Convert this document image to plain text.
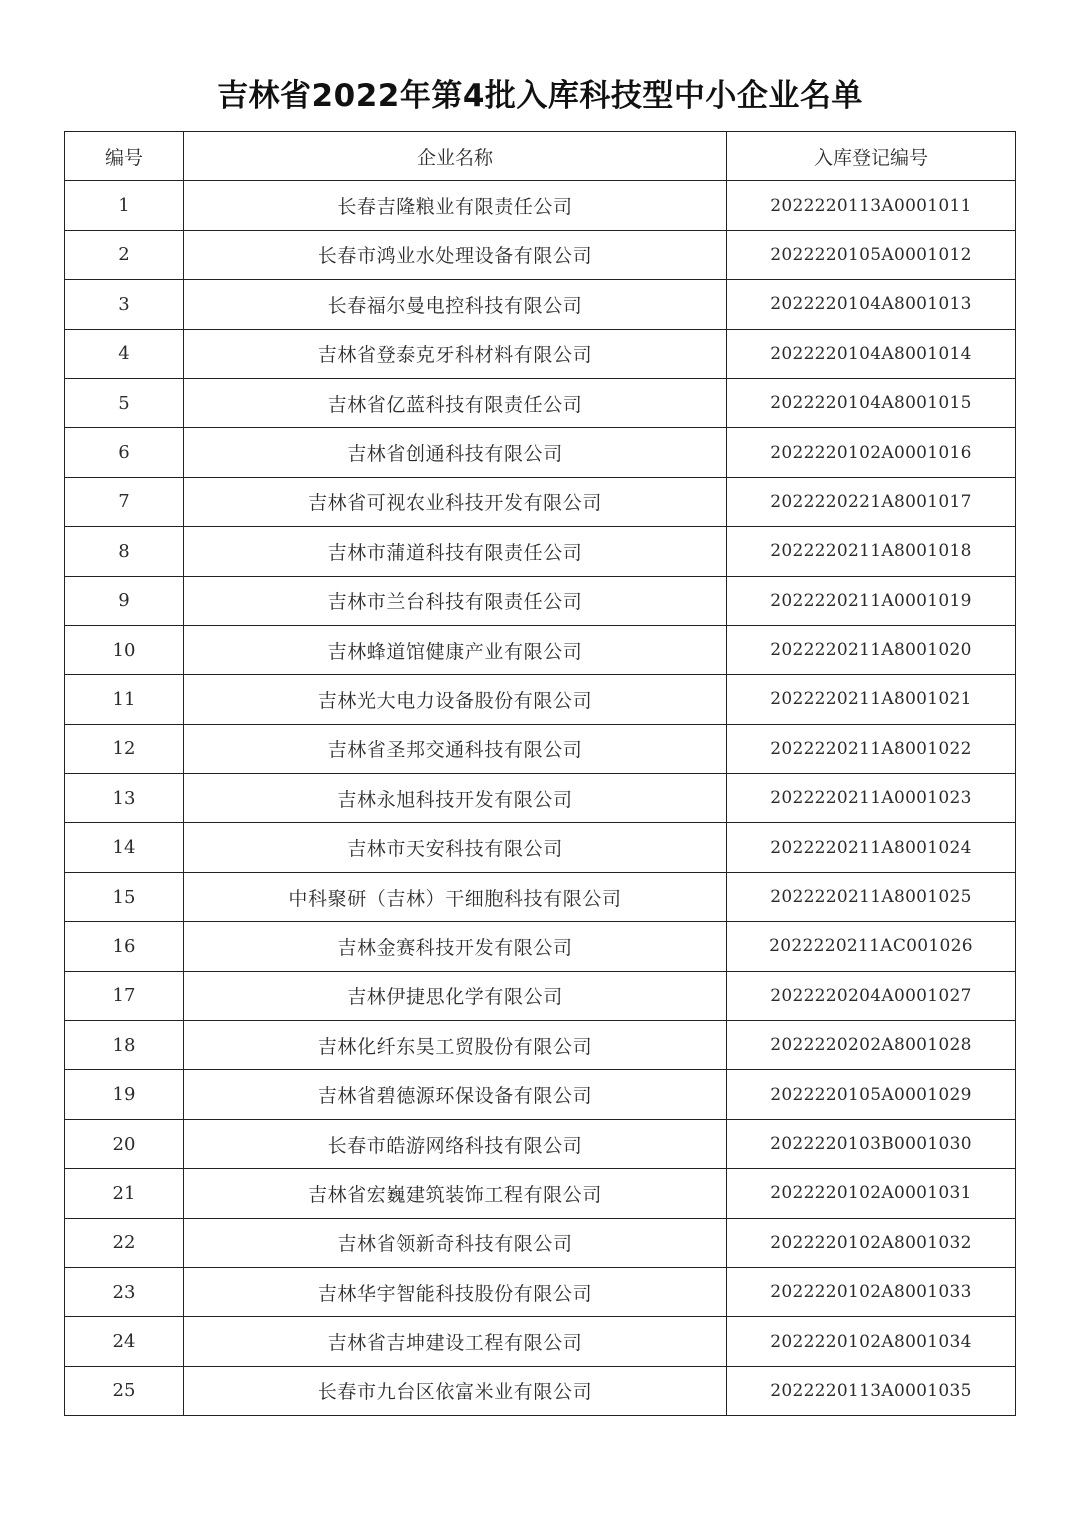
吉林省2022年第4批入库科技型中小企业名单
编号	企业名称	入库登记编号
1	长春吉隆粮业有限责任公司	2022220113A0001011
2	长春市鸿业水处理设备有限公司	2022220105A0001012
3	长春福尔曼电控科技有限公司	2022220104A8001013
4	吉林省登泰克牙科材料有限公司	2022220104A8001014
5	吉林省亿蓝科技有限责任公司	2022220104A8001015
6	吉林省创通科技有限公司	2022220102A0001016
7	吉林省可视农业科技开发有限公司	2022220221A8001017
8	吉林市蒲道科技有限责任公司	2022220211A8001018
9	吉林市兰台科技有限责任公司	2022220211A0001019
10	吉林蜂道馆健康产业有限公司	2022220211A8001020
11	吉林光大电力设备股份有限公司	2022220211A8001021
12	吉林省圣邦交通科技有限公司	2022220211A8001022
13	吉林永旭科技开发有限公司	2022220211A0001023
14	吉林市天安科技有限公司	2022220211A8001024
15	中科聚研（吉林）干细胞科技有限公司	2022220211A8001025
16	吉林金赛科技开发有限公司	2022220211AC001026
17	吉林伊捷思化学有限公司	2022220204A0001027
18	吉林化纤东昊工贸股份有限公司	2022220202A8001028
19	吉林省碧德源环保设备有限公司	2022220105A0001029
20	长春市皓游网络科技有限公司	2022220103B0001030
21	吉林省宏巍建筑装饰工程有限公司	2022220102A0001031
22	吉林省领新奇科技有限公司	2022220102A8001032
23	吉林华宇智能科技股份有限公司	2022220102A8001033
24	吉林省吉坤建设工程有限公司	2022220102A8001034
25	长春市九台区依富米业有限公司	2022220113A0001035
